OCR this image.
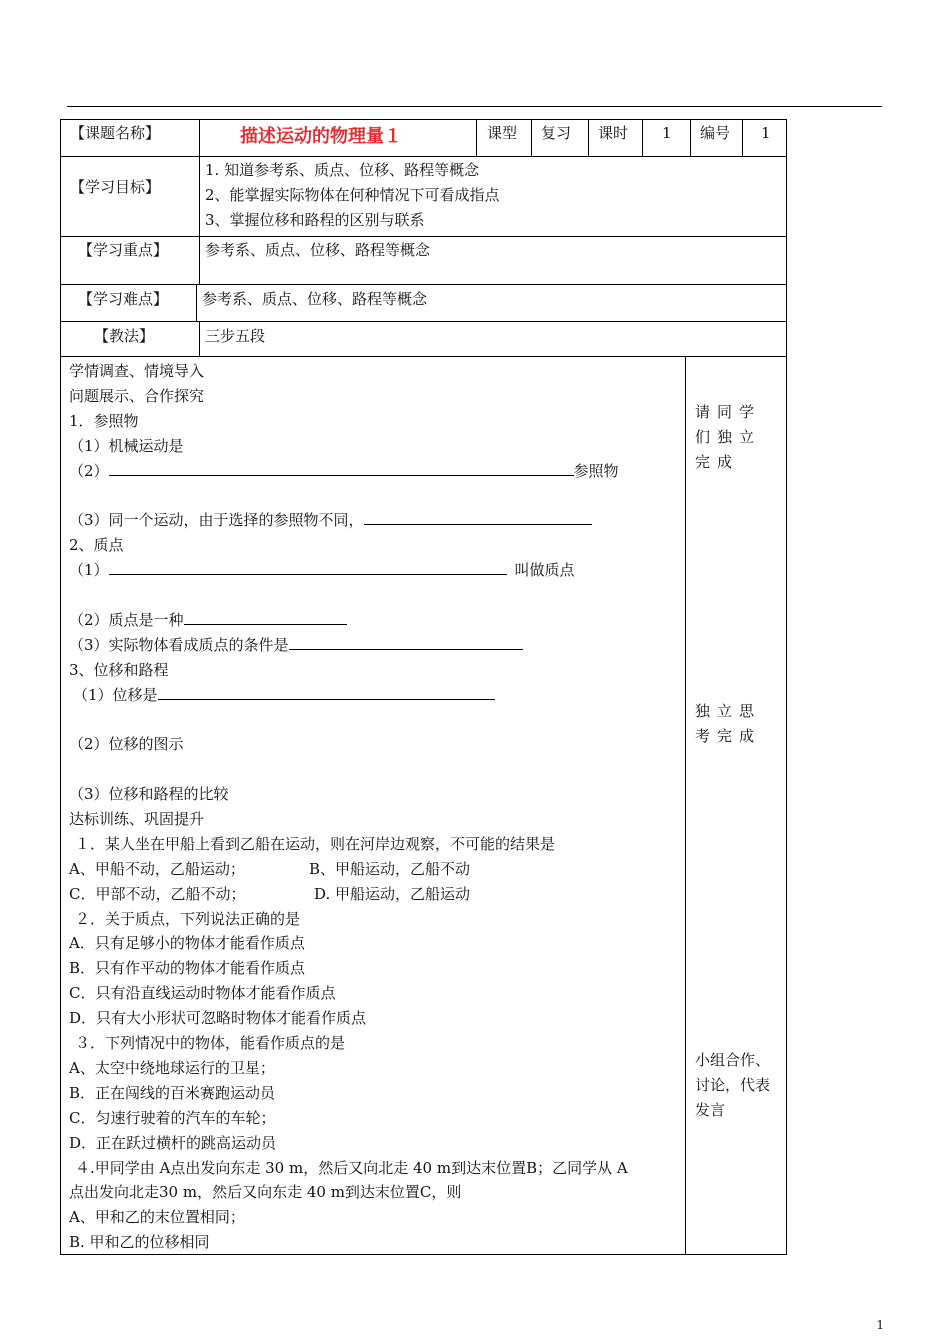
【课题名称】	描述运动的物理量１	课型 复习 课时 1 编号 1
【学习目标】
1. 知道参考系、质点、位移、路程等概念
2、能掌握实际物体在何种情况下可看成指点
3、掌握位移和路程的区别与联系
【学习重点】 参考系、质点、位移、路程等概念
【学习难点】 参考系、质点、位移、路程等概念
【教法】	三步五段
学情调查、情境导入
问题展示、合作探究
1．参照物
（1）机械运动是
（2）	参照物
（3）同一个运动，由于选择的参照物不同，
2、质点
（1）	叫做质点
（2）质点是一种
（3）实际物体看成质点的条件是
3、位移和路程
（1）位移是
（2）位移的图示
（3）位移和路程的比较
达标训练、巩固提升
１．某人坐在甲船上看到乙船在运动，则在河岸边观察，不可能的结果是
A、甲船不动，乙船运动；	B、甲船运动，乙船不动
C．甲部不动，乙船不动；	D. 甲船运动，乙船运动
２．关于质点，下列说法正确的是
A．只有足够小的物体才能看作质点
B．只有作平动的物体才能看作质点
C．只有沿直线运动时物体才能看作质点
D．只有大小形状可忽略时物体才能看作质点
３．下列情况中的物体，能看作质点的是
A、太空中绕地球运行的卫星；
B．正在闯线的百米赛跑运动员
C．匀速行驶着的汽车的车轮；
D．正在跃过横杆的跳高运动员
４.甲同学由 A点出发向东走 30 m，然后又向北走 40 m到达末位置B；乙同学从 A
点出发向北走30 m，然后又向东走 40 m到达末位置C，则
A、甲和乙的末位置相同；
B. 甲和乙的位移相同
请同学们独立完成
独立思考完成
小组合作、讨论，代表发言
1
